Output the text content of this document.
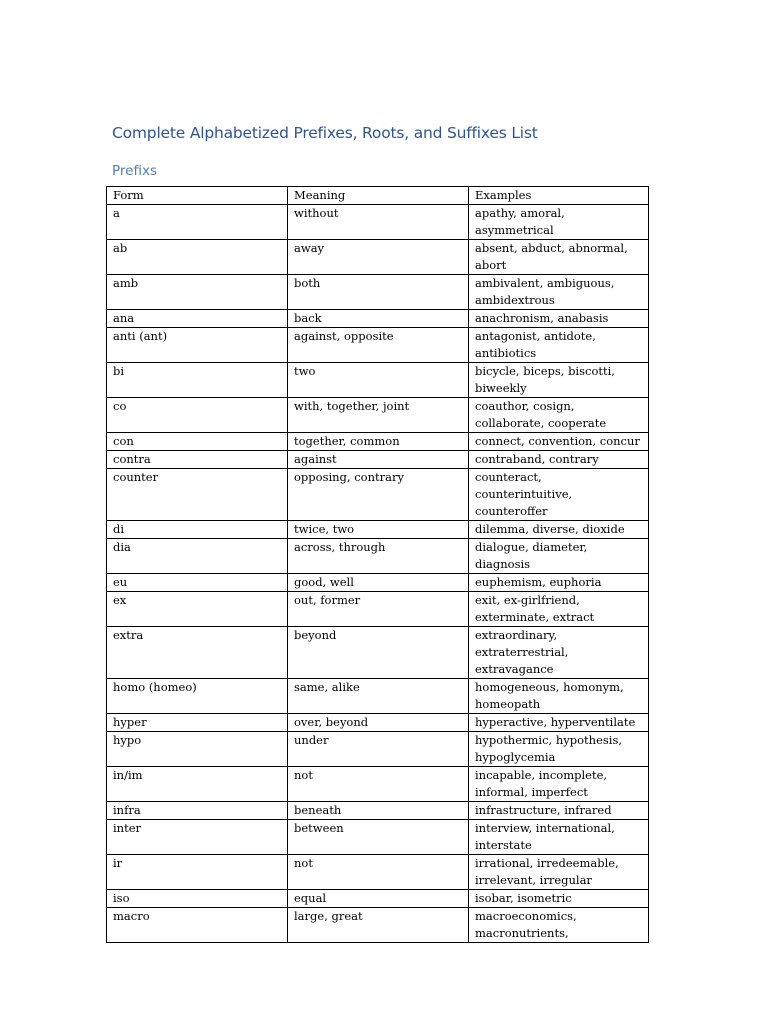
Complete Alphabetized Prefixes, Roots, and Suffixes List
Prefixs
Form	Meaning	Examples
a	without	apathy, amoral,
asymmetrical

ab	away	absent, abduct, abnormal,
abort

amb	both	ambivalent, ambiguous,
ambidextrous

ana	back	anachronism, anabasis

anti (ant)	against, opposite	antagonist, antidote,
antibiotics

bi	two	bicycle, biceps, biscotti,
biweekly

co	with, together, joint	coauthor, cosign,
collaborate, cooperate

con	together, common	connect, convention, concur

contra	against	contraband, contrary

counter	opposing, contrary	counteract,
counterintuitive,
counteroffer

di	twice, two	dilemma, diverse, dioxide

dia	across, through	dialogue, diameter,
diagnosis

eu	good, well	euphemism, euphoria

ex	out, former	exit, ex-girlfriend,
exterminate, extract

extra	beyond	extraordinary,
extraterrestrial,
extravagance

homo (homeo)	same, alike	homogeneous, homonym,
homeopath

hyper	over, beyond	hyperactive, hyperventilate

hypo	under	hypothermic, hypothesis,
hypoglycemia

in/im	not	incapable, incomplete,
informal, imperfect

infra	beneath	infrastructure, infrared

inter	between	interview, international,
interstate

ir	not	irrational, irredeemable,
irrelevant, irregular

iso	equal	isobar, isometric

macro	large, great	macroeconomics,
macronutrients,
